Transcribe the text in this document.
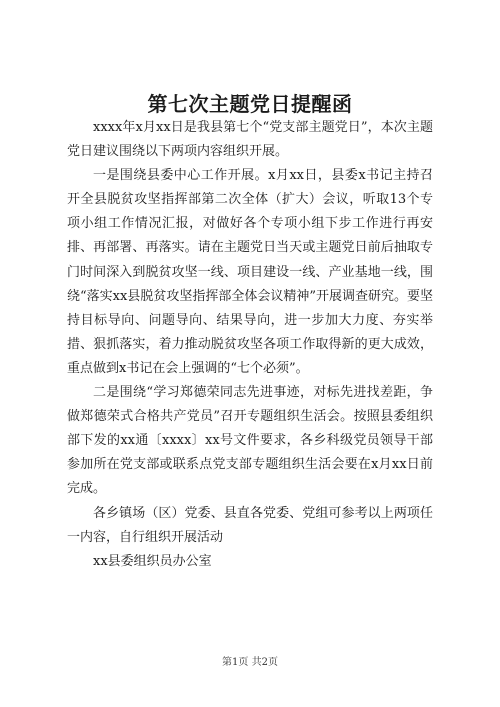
第七次主题党日提醒函

xxxx年x月xx日是我县第七个“党支部主题党日”，本次主题党日建议围绕以下两项内容组织开展。

一是围绕县委中心工作开展。x月xx日，县委x书记主持召开全县脱贫攻坚指挥部第二次全体（扩大）会议，听取13个专项小组工作情况汇报，对做好各个专项小组下步工作进行再安排、再部署、再落实。请在主题党日当天或主题党日前后抽取专门时间深入到脱贫攻坚一线、项目建设一线、产业基地一线，围绕“落实xx县脱贫攻坚指挥部全体会议精神”开展调查研究。要坚持目标导向、问题导向、结果导向，进一步加大力度、夯实举措、狠抓落实，着力推动脱贫攻坚各项工作取得新的更大成效，重点做到x书记在会上强调的“七个必须”。

二是围绕“学习郑德荣同志先进事迹，对标先进找差距，争做郑德荣式合格共产党员”召开专题组织生活会。按照县委组织部下发的xx通〔xxxx〕xx号文件要求，各乡科级党员领导干部参加所在党支部或联系点党支部专题组织生活会要在x月xx日前完成。

各乡镇场（区）党委、县直各党委、党组可参考以上两项任一内容，自行组织开展活动

xx县委组织员办公室

第1页 共2页
